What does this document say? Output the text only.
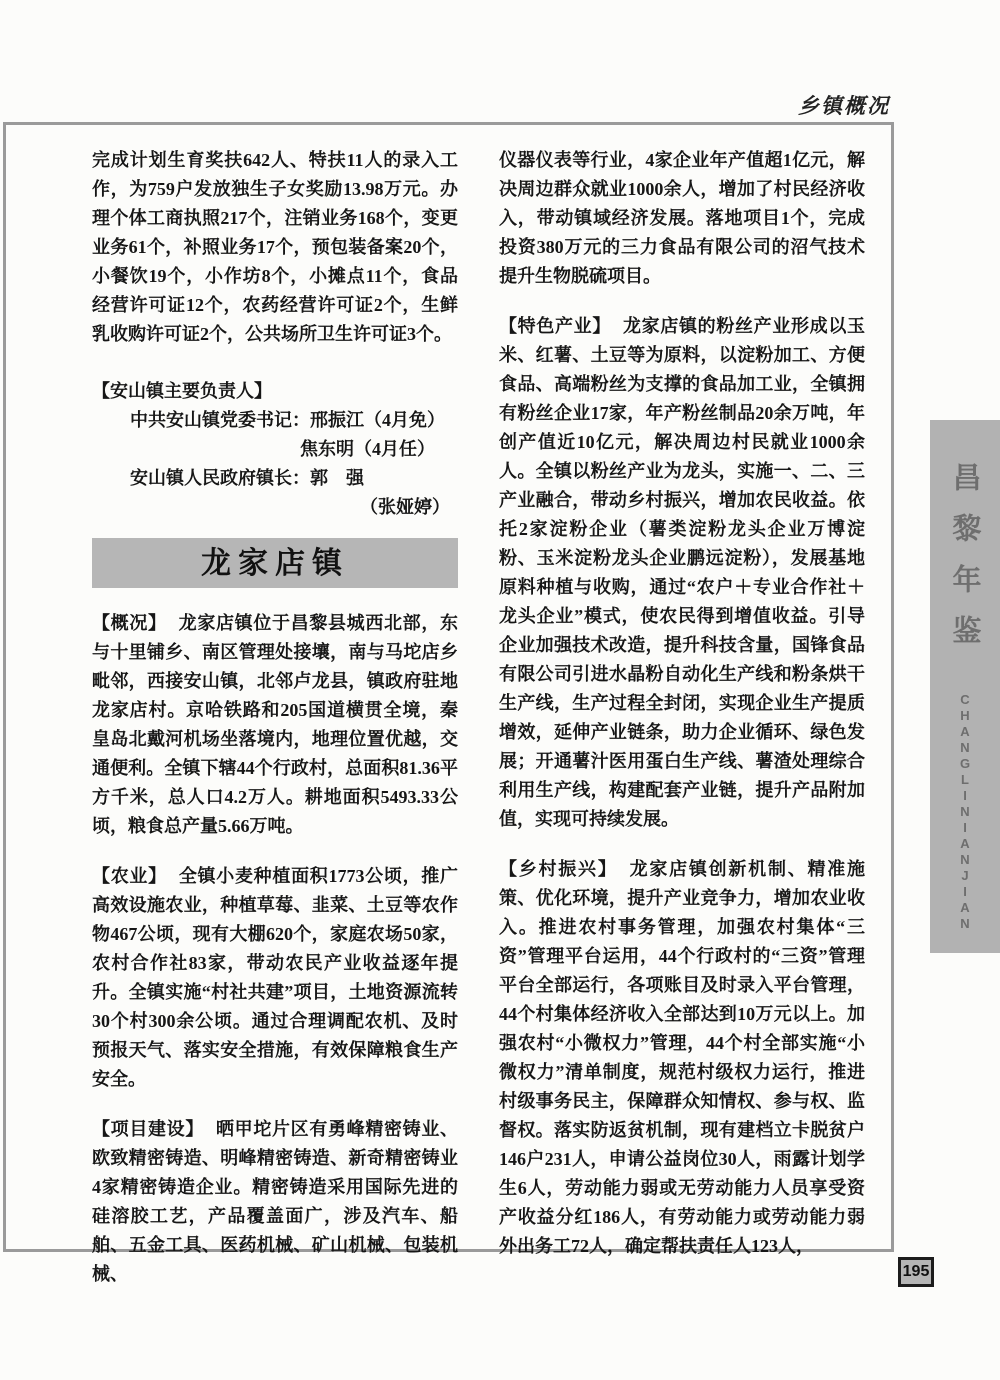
乡镇概况

完成计划生育奖扶642人、特扶11人的录入工作，为759户发放独生子女奖励13.98万元。办理个体工商执照217个，注销业务168个，变更业务61个，补照业务17个，预包装备案20个，小餐饮19个，小作坊8个，小摊点11个，食品经营许可证12个，农药经营许可证2个，生鲜乳收购许可证2个，公共场所卫生许可证3个。

【安山镇主要负责人】
中共安山镇党委书记：邢振江（4月免）
焦东明（4月任）
安山镇人民政府镇长：郭　强
（张娅婷）
龙家店镇

【概况】 龙家店镇位于昌黎县城西北部，东与十里铺乡、南区管理处接壤，南与马坨店乡毗邻，西接安山镇，北邻卢龙县，镇政府驻地龙家店村。京哈铁路和205国道横贯全境，秦皇岛北戴河机场坐落境内，地理位置优越，交通便利。全镇下辖44个行政村，总面积81.36平方千米，总人口4.2万人。耕地面积5493.33公顷，粮食总产量5.66万吨。

【农业】 全镇小麦种植面积1773公顷，推广高效设施农业，种植草莓、韭菜、土豆等农作物467公顷，现有大棚620个，家庭农场50家，农村合作社83家，带动农民产业收益逐年提升。全镇实施“村社共建”项目，土地资源流转30个村300余公顷。通过合理调配农机、及时预报天气、落实安全措施，有效保障粮食生产安全。

【项目建设】 晒甲坨片区有勇峰精密铸业、欧致精密铸造、明峰精密铸造、新奇精密铸业4家精密铸造企业。精密铸造采用国际先进的硅溶胶工艺，产品覆盖面广，涉及汽车、船舶、五金工具、医药机械、矿山机械、包装机械、

仪器仪表等行业，4家企业年产值超1亿元，解决周边群众就业1000余人，增加了村民经济收入，带动镇域经济发展。落地项目1个，完成投资380万元的三力食品有限公司的沼气技术提升生物脱硫项目。

【特色产业】 龙家店镇的粉丝产业形成以玉米、红薯、土豆等为原料，以淀粉加工、方便食品、高端粉丝为支撑的食品加工业，全镇拥有粉丝企业17家，年产粉丝制品20余万吨，年创产值近10亿元，解决周边村民就业1000余人。全镇以粉丝产业为龙头，实施一、二、三产业融合，带动乡村振兴，增加农民收益。依托2家淀粉企业（薯类淀粉龙头企业万博淀粉、玉米淀粉龙头企业鹏远淀粉），发展基地原料种植与收购，通过“农户＋专业合作社＋龙头企业”模式，使农民得到增值收益。引导企业加强技术改造，提升科技含量，国锋食品有限公司引进水晶粉自动化生产线和粉条烘干生产线，生产过程全封闭，实现企业生产提质增效，延伸产业链条，助力企业循环、绿色发展；开通薯汁医用蛋白生产线、薯渣处理综合利用生产线，构建配套产业链，提升产品附加值，实现可持续发展。

【乡村振兴】 龙家店镇创新机制、精准施策、优化环境，提升产业竞争力，增加农业收入。推进农村事务管理，加强农村集体“三资”管理平台运用，44个行政村的“三资”管理平台全部运行，各项账目及时录入平台管理，44个村集体经济收入全部达到10万元以上。加强农村“小微权力”管理，44个村全部实施“小微权力”清单制度，规范村级权力运行，推进村级事务民主，保障群众知情权、参与权、监督权。落实防返贫机制，现有建档立卡脱贫户146户231人，申请公益岗位30人，雨露计划学生6人，劳动能力弱或无劳动能力人员享受资产收益分红186人，有劳动能力或劳动能力弱外出务工72人，确定帮扶责任人123人，

昌黎年鉴
CHANGLINIANJIAN
195
